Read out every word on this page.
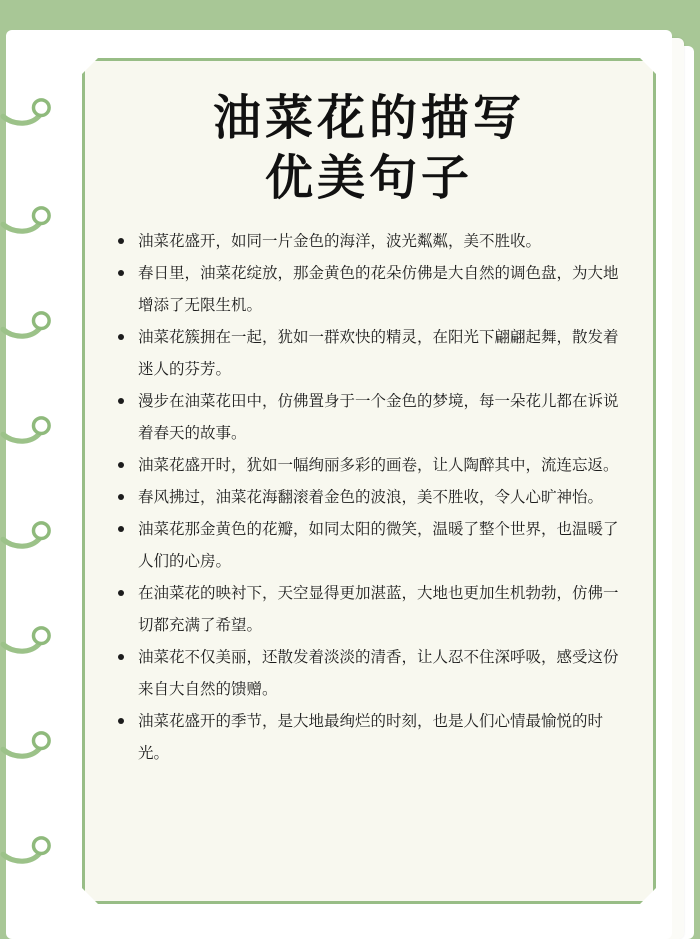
油菜花的描写
优美句子
油菜花盛开，如同一片金色的海洋，波光粼粼，美不胜收。
春日里，油菜花绽放，那金黄色的花朵仿佛是大自然的调色盘，为大地增添了无限生机。
油菜花簇拥在一起，犹如一群欢快的精灵，在阳光下翩翩起舞，散发着迷人的芬芳。
漫步在油菜花田中，仿佛置身于一个金色的梦境，每一朵花儿都在诉说着春天的故事。
油菜花盛开时，犹如一幅绚丽多彩的画卷，让人陶醉其中，流连忘返。
春风拂过，油菜花海翻滚着金色的波浪，美不胜收，令人心旷神怡。
油菜花那金黄色的花瓣，如同太阳的微笑，温暖了整个世界，也温暖了人们的心房。
在油菜花的映衬下，天空显得更加湛蓝，大地也更加生机勃勃，仿佛一切都充满了希望。
油菜花不仅美丽，还散发着淡淡的清香，让人忍不住深呼吸，感受这份来自大自然的馈赠。
油菜花盛开的季节，是大地最绚烂的时刻，也是人们心情最愉悦的时光。
